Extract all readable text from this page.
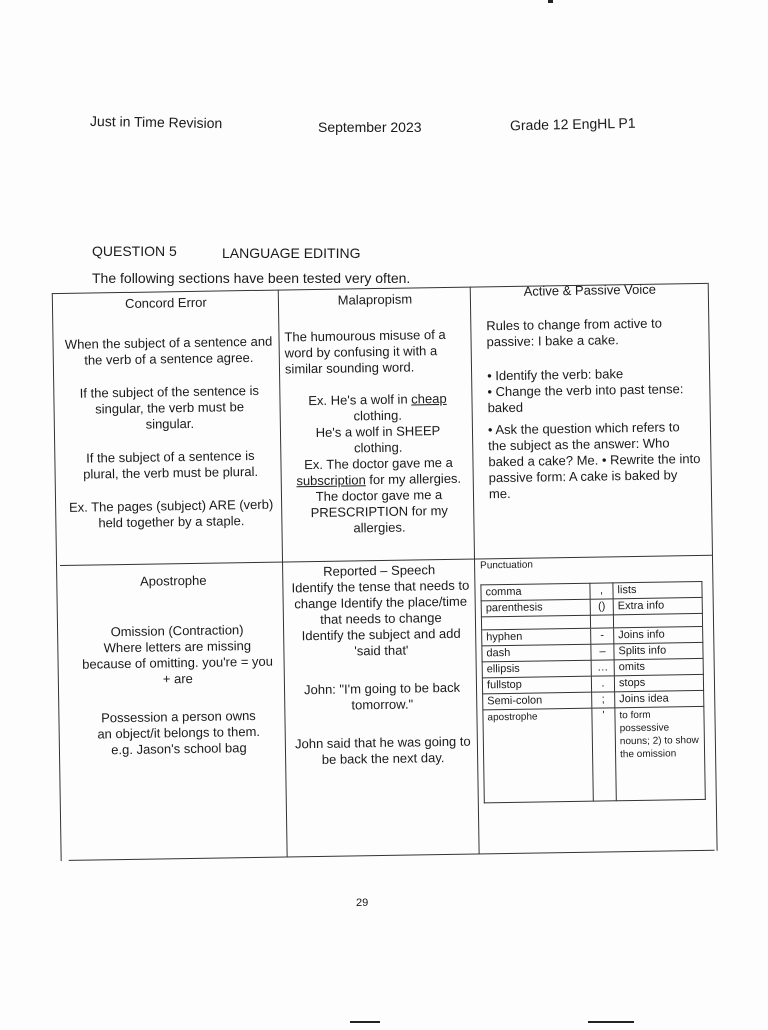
Just in Time Revision	September 2023	Grade 12 EngHL P1
QUESTION 5	LANGUAGE EDITING
The following sections have been tested very often.
Concord Error	Malapropism
Active & Passive Voice

When the subject of a sentence and the verb of a sentence agree.

If the subject of the sentence is singular, the verb must be singular.

If the subject of a sentence is plural, the verb must be plural.

Ex. The pages (subject) ARE (verb) held together by a staple.

The humourous misuse of a word by confusing it with a similar sounding word.

Ex. He's a wolf in cheap clothing.

He's a wolf in SHEEP clothing.

Ex. The doctor gave me a subscription for my allergies.

The doctor gave me a PRESCRIPTION for my allergies.

Rules to change from active to passive: I bake a cake.

• Identify the verb: bake

• Change the verb into past tense: baked

• Ask the question which refers to the subject as the answer: Who baked a cake? Me. • Rewrite the into passive form: A cake is baked by me.

Apostrophe

Omission (Contraction)

Where letters are missing because of omitting. you're = you + are

Possession a person owns an object/it belongs to them.

e.g. Jason's school bag

Reported – Speech

Identify the tense that needs to change Identify the place/time that needs to change

Identify the subject and add 'said that'

John: "I'm going to be back tomorrow."

John said that he was going to be back the next day.

Punctuation
comma	,	lists
parenthesis	()	Extra info

hyphen	-	Joins info
dash	–	Splits info
ellipsis	…	omits
fullstop	.	stops
Semi-colon	;	Joins idea
apostrophe	'	to form possessive nouns; 2) to show the omission
29
